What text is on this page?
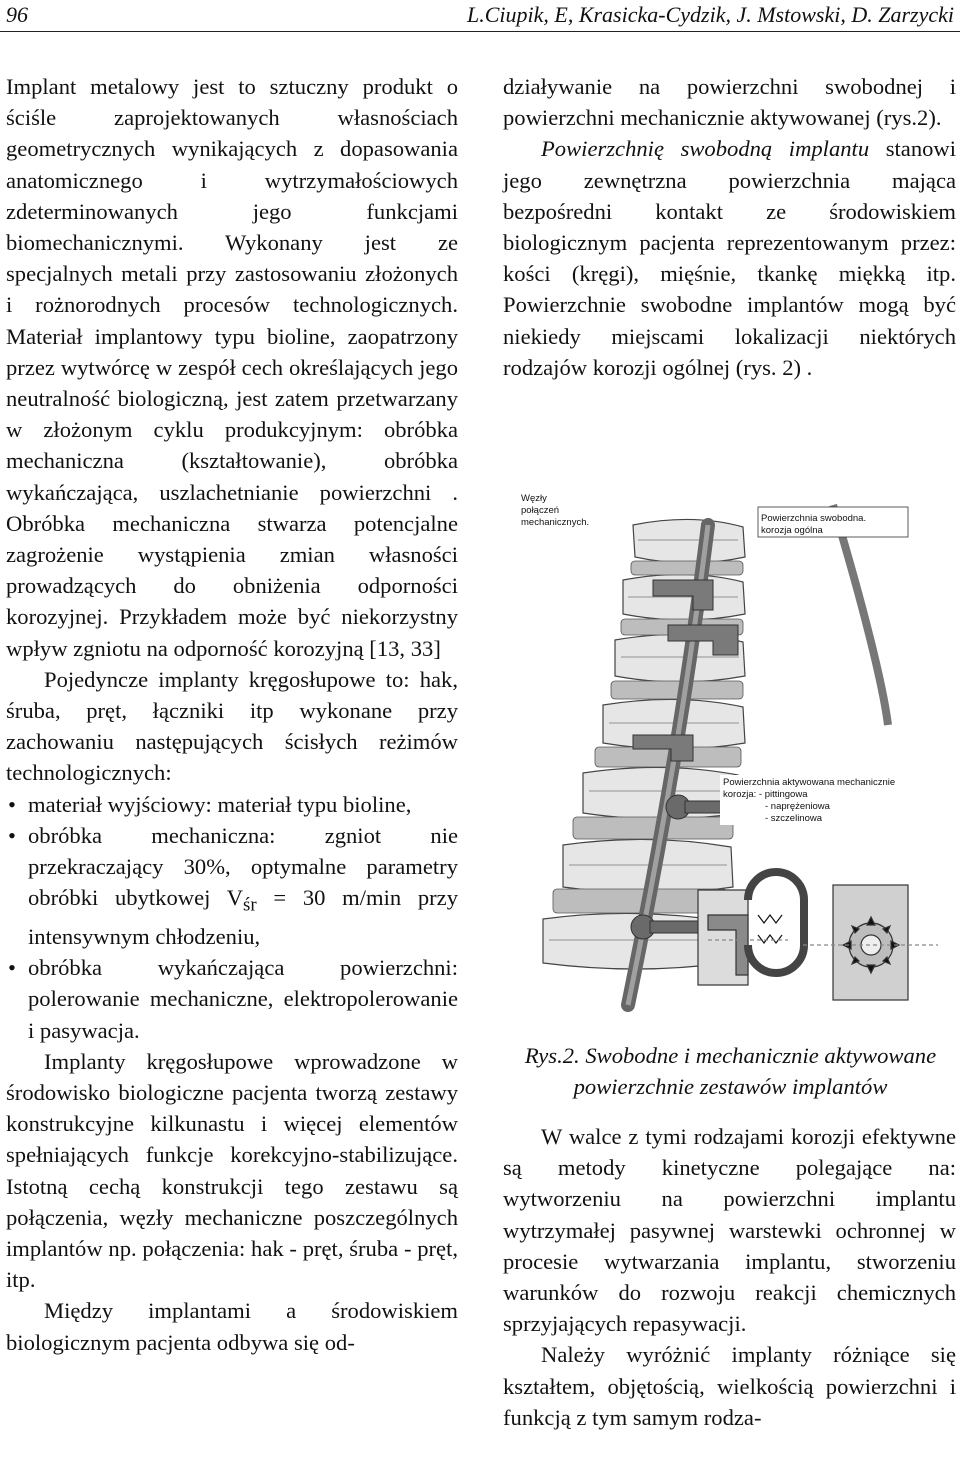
96	L.Ciupik, E, Krasicka-Cydzik, J. Mstowski, D. Zarzycki

Implant metalowy jest to sztuczny produkt o ściśle zaprojektowanych własnościach geometrycznych wynikających z dopasowania anatomicznego i wytrzymałościowych zdeterminowanych jego funkcjami biomechanicznymi. Wykonany jest ze specjalnych metali przy zastosowaniu złożonych i rożnorodnych procesów technologicznych. Materiał implantowy typu bioline, zaopatrzony przez wytwórcę w zespół cech określających jego neutralność biologiczną, jest zatem przetwarzany w złożonym cyklu produkcyjnym: obróbka mechaniczna (kształtowanie), obróbka wykańczająca, uszlachetnianie powierzchni . Obróbka mechaniczna stwarza potencjalne zagrożenie wystąpienia zmian własności prowadzących do obniżenia odporności korozyjnej. Przykładem może być niekorzystny wpływ zgniotu na odporność korozyjną [13, 33]

Pojedyncze implanty kręgosłupowe to: hak, śruba, pręt, łączniki itp wykonane przy zachowaniu następujących ścisłych reżimów technologicznych:

• materiał wyjściowy: materiał typu bioline,
• obróbka mechaniczna: zgniot nie przekraczający 30%, optymalne parametry obróbki ubytkowej $V_{śr} = 30$ m/min przy intensywnym chłodzeniu,
• obróbka wykańczająca powierzchni: polerowanie mechaniczne, elektropolerowanie i pasywacja.

Implanty kręgosłupowe wprowadzone w środowisko biologiczne pacjenta tworzą zestawy konstrukcyjne kilkunastu i więcej elementów spełniających funkcje korekcyjno-stabilizujące. Istotną cechą konstrukcji tego zestawu są połączenia, węzły mechaniczne poszczególnych implantów np. połączenia: hak - pręt, śruba - pręt, itp.

Między implantami a środowiskiem biologicznym pacjenta odbywa się od-

działywanie na powierzchni swobodnej i powierzchni mechanicznie aktywowanej (rys.2).

Powierzchnię swobodną implantu stanowi jego zewnętrzna powierzchnia mająca bezpośredni kontakt ze środowiskiem biologicznym pacjenta reprezentowanym przez: kości (kręgi), mięśnie, tkankę miękką itp. Powierzchnie swobodne implantów mogą być niekiedy miejscami lokalizacji niektórych rodzajów korozji ogólnej (rys. 2) .

Węzły
połączeń
mechanicznych.	Powierzchnia swobodna.
korozja ogólna
Powierzchnia aktywowana mechanicznie
korozja: - pittingowa
- naprężeniowa
- szczelinowa
Rys.2. Swobodne i mechanicznie aktywowane powierzchnie zestawów implantów

W walce z tymi rodzajami korozji efektywne są metody kinetyczne polegające na: wytworzeniu na powierzchni implantu wytrzymałej pasywnej warstewki ochronnej w procesie wytwarzania implantu, stworzeniu warunków do rozwoju reakcji chemicznych sprzyjających repasywacji.

Należy wyróżnić implanty różniące się kształtem, objętością, wielkością powierzchni i funkcją z tym samym rodza-
